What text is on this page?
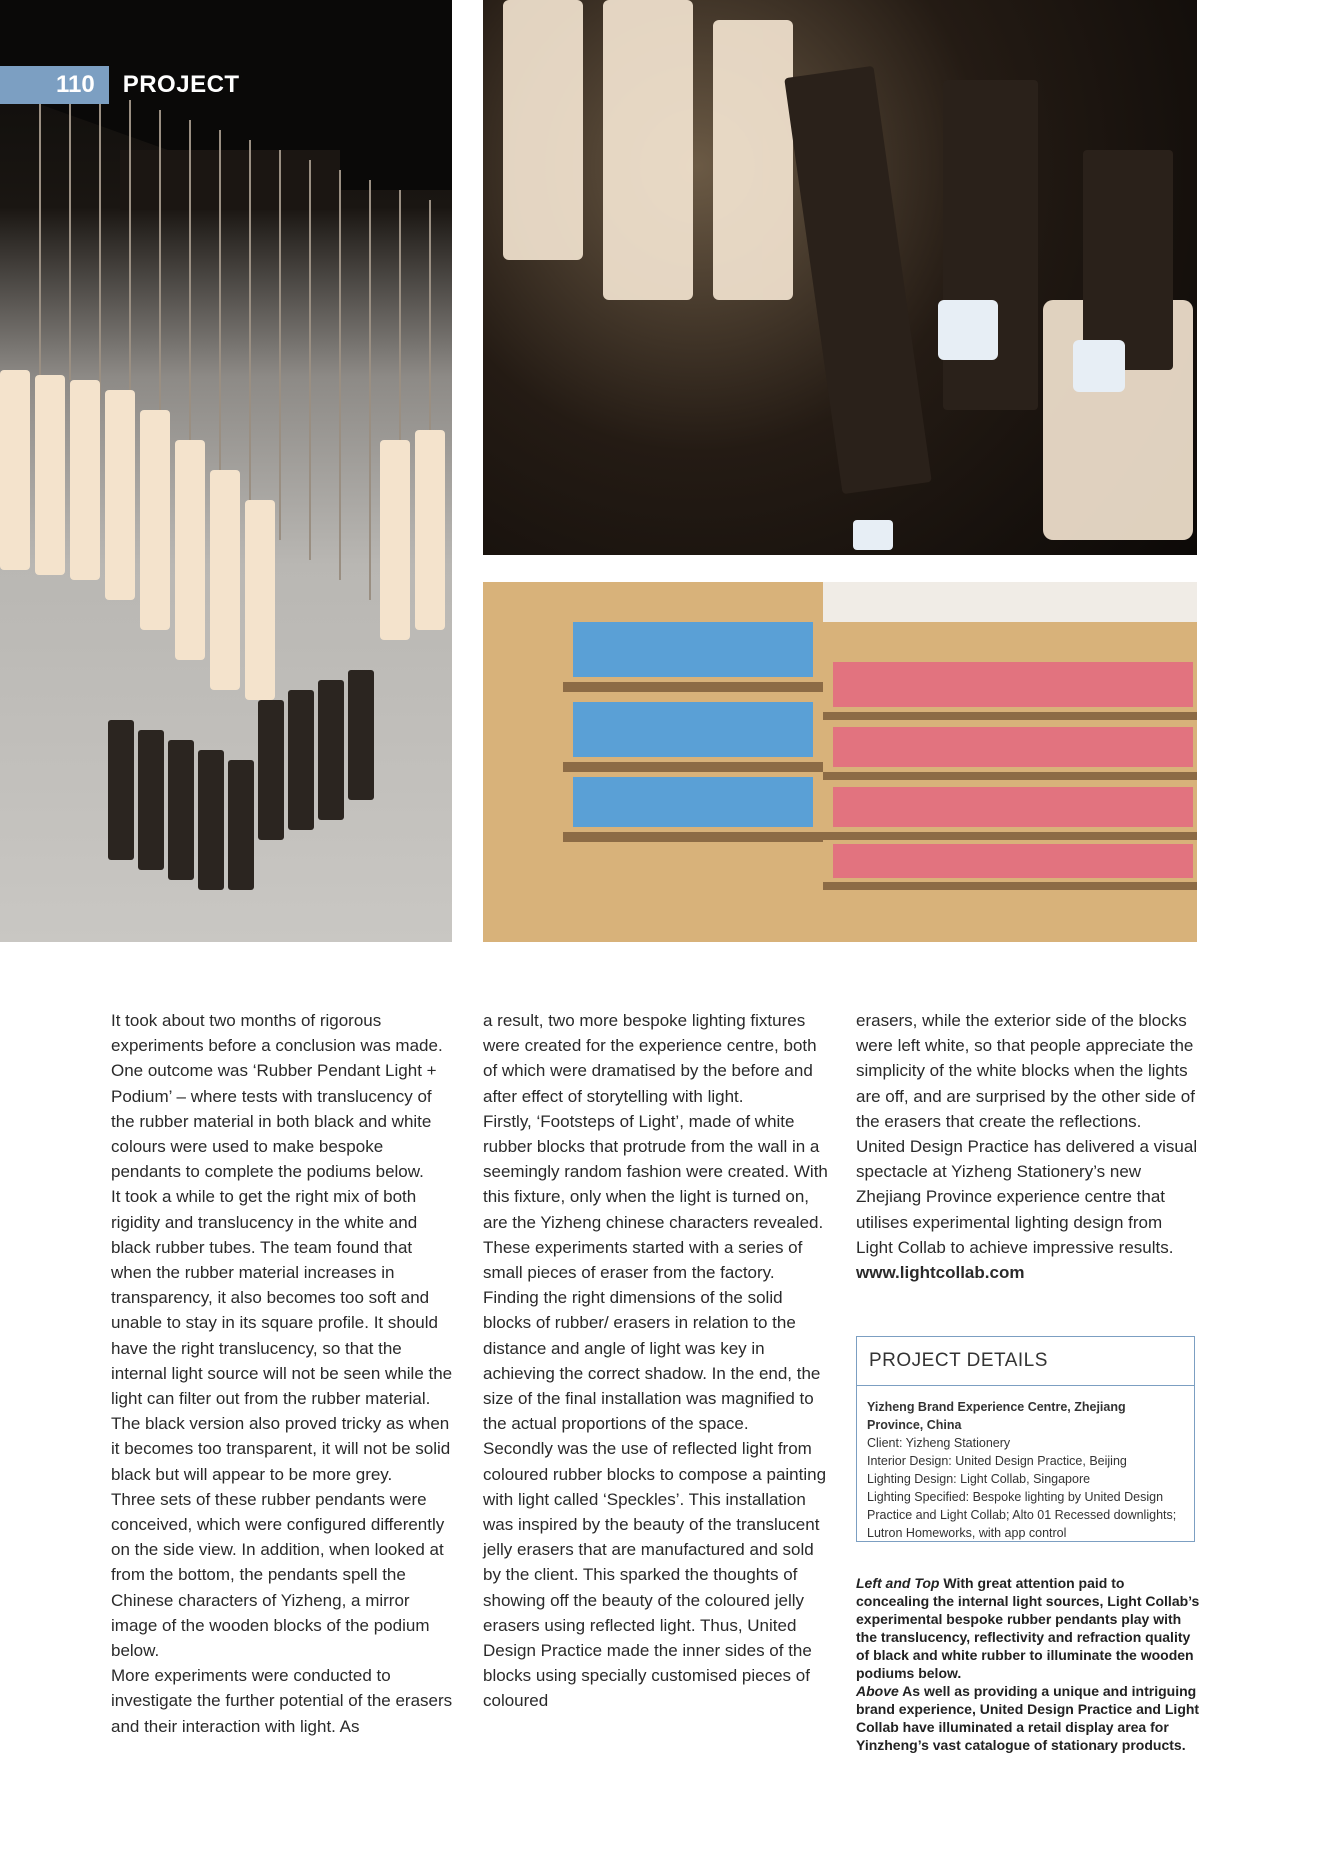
110	PROJECT

It took about two months of rigorous experiments before a conclusion was made. One outcome was ‘Rubber Pendant Light + Podium’ – where tests with translucency of the rubber material in both black and white colours were used to make bespoke pendants to complete the podiums below.

It took a while to get the right mix of both rigidity and translucency in the white and black rubber tubes. The team found that when the rubber material increases in transparency, it also becomes too soft and unable to stay in its square profile. It should have the right translucency, so that the internal light source will not be seen while the light can filter out from the rubber material. The black version also proved tricky as when it becomes too transparent, it will not be solid black but will appear to be more grey.

Three sets of these rubber pendants were conceived, which were configured differently on the side view. In addition, when looked at from the bottom, the pendants spell the Chinese characters of Yizheng, a mirror image of the wooden blocks of the podium below.

More experiments were conducted to investigate the further potential of the erasers and their interaction with light. As

a result, two more bespoke lighting fixtures were created for the experience centre, both of which were dramatised by the before and after effect of storytelling with light.

Firstly, ‘Footsteps of Light’, made of white rubber blocks that protrude from the wall in a seemingly random fashion were created. With this fixture, only when the light is turned on, are the Yizheng chinese characters revealed. These experiments started with a series of small pieces of eraser from the factory. Finding the right dimensions of the solid blocks of rubber/ erasers in relation to the distance and angle of light was key in achieving the correct shadow. In the end, the size of the final installation was magnified to the actual proportions of the space.

Secondly was the use of reflected light from coloured rubber blocks to compose a painting with light called ‘Speckles’. This installation was inspired by the beauty of the translucent jelly erasers that are manufactured and sold by the client. This sparked the thoughts of showing off the beauty of the coloured jelly erasers using reflected light. Thus, United Design Practice made the inner sides of the blocks using specially customised pieces of coloured

erasers, while the exterior side of the blocks were left white, so that people appreciate the simplicity of the white blocks when the lights are off, and are surprised by the other side of the erasers that create the reflections.

United Design Practice has delivered a visual spectacle at Yizheng Stationery’s new Zhejiang Province experience centre that utilises experimental lighting design from Light Collab to achieve impressive results.

www.lightcollab.com

PROJECT DETAILS
Yizheng Brand Experience Centre, Zhejiang Province, China
Client: Yizheng Stationery
Interior Design: United Design Practice, Beijing
Lighting Design: Light Collab, Singapore
Lighting Specified: Bespoke lighting by United Design Practice and Light Collab; Alto 01 Recessed downlights; Lutron Homeworks, with app control

Left and Top With great attention paid to concealing the internal light sources, Light Collab’s experimental bespoke rubber pendants play with the translucency, reflectivity and refraction quality of black and white rubber to illuminate the wooden podiums below.

Above As well as providing a unique and intriguing brand experience, United Design Practice and Light Collab have illuminated a retail display area for Yinzheng’s vast catalogue of stationary products.
